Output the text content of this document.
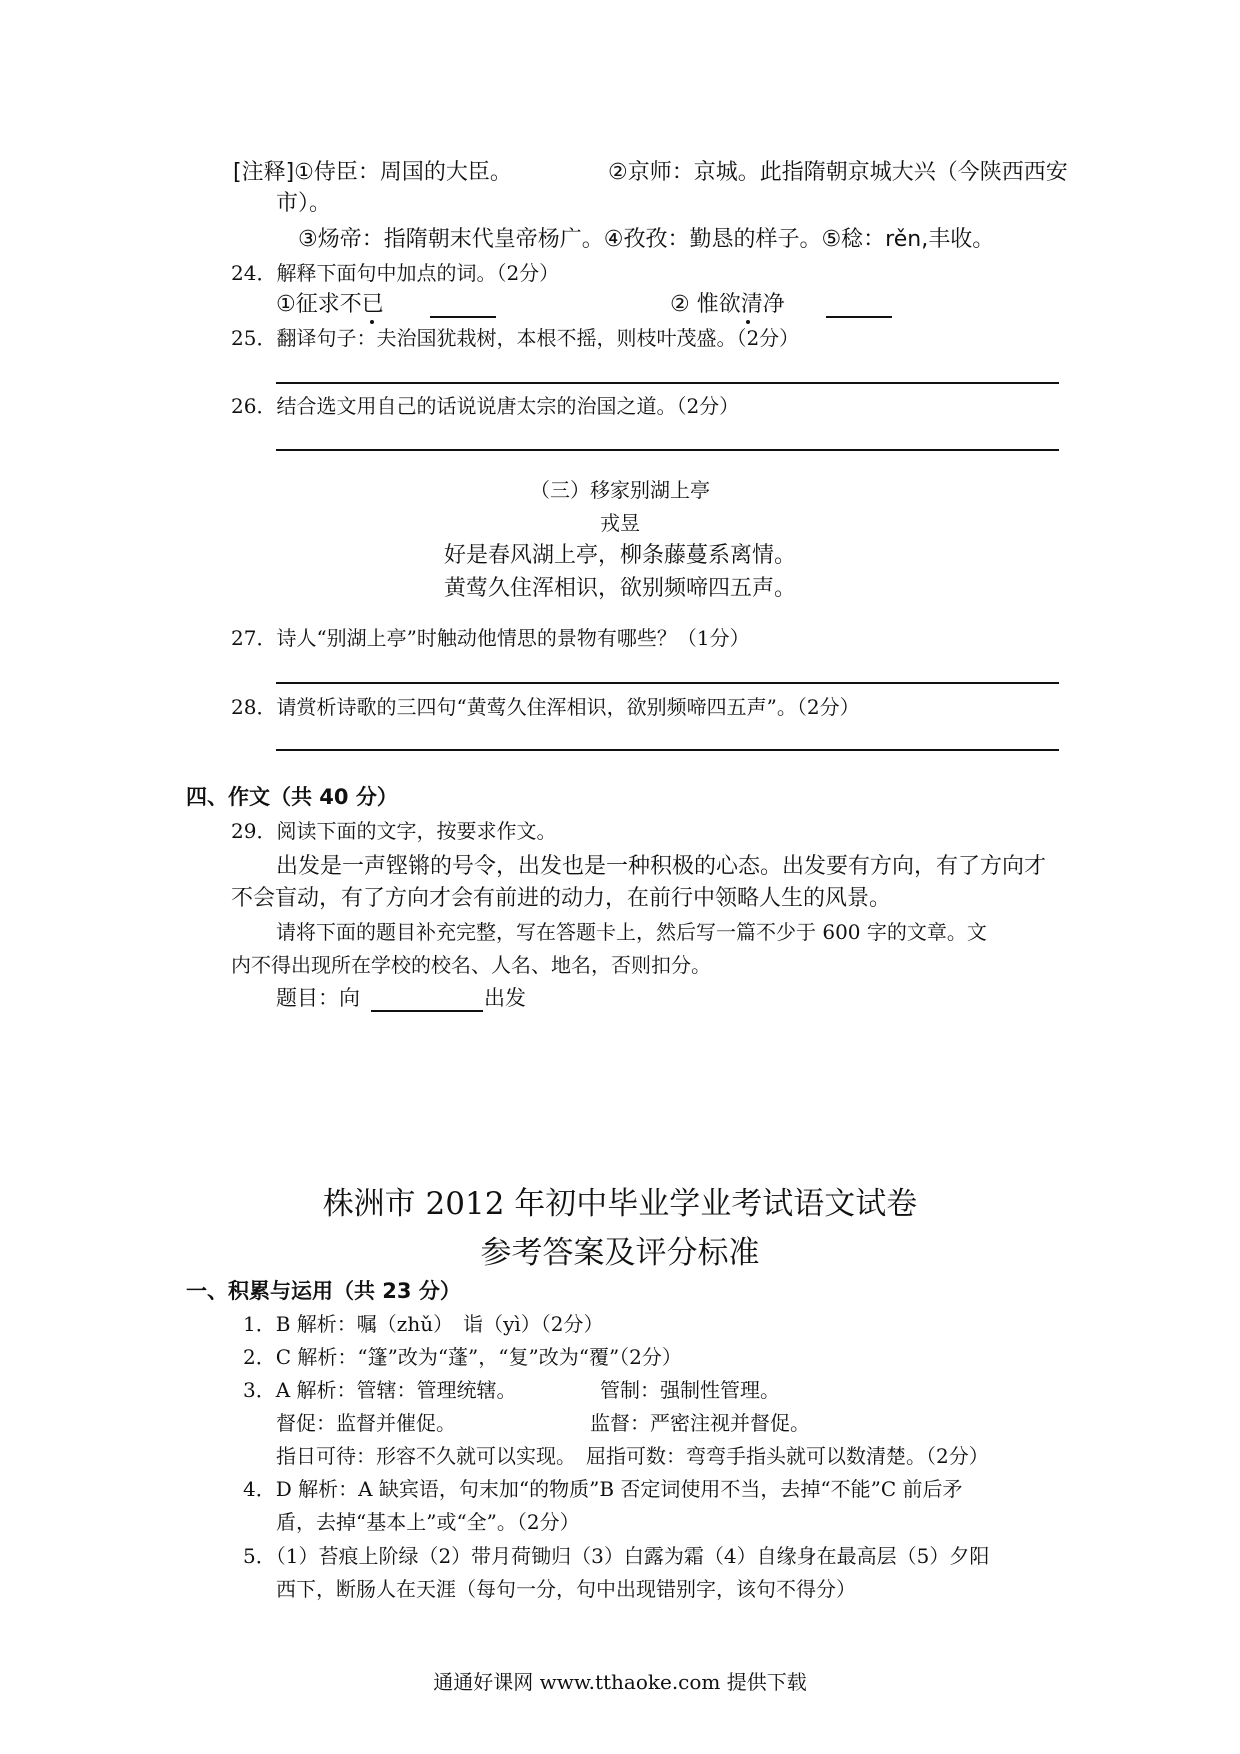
[注释]①侍臣：周国的大臣。	②京师：京城。此指隋朝京城大兴（今陕西西安
市）。
③炀帝：指隋朝末代皇帝杨广。④孜孜：勤恳的样子。⑤稔：rěn,丰收。
24．解释下面句中加点的词。（2分）
①征求不已	② 惟欲清净
25．翻译句子：夫治国犹栽树，本根不摇，则枝叶茂盛。（2分）
26．结合选文用自己的话说说唐太宗的治国之道。（2分）
（三）移家别湖上亭
戎昱
好是春风湖上亭，柳条藤蔓系离情。
黄莺久住浑相识，欲别频啼四五声。
27．诗人“别湖上亭”时触动他情思的景物有哪些？（1分）
28．请赏析诗歌的三四句“黄莺久住浑相识，欲别频啼四五声”。（2分）
四、作文（共 40 分）
29．阅读下面的文字，按要求作文。
出发是一声铿锵的号令，出发也是一种积极的心态。出发要有方向，有了方向才
不会盲动，有了方向才会有前进的动力，在前行中领略人生的风景。
请将下面的题目补充完整，写在答题卡上，然后写一篇不少于 600 字的文章。文
内不得出现所在学校的校名、人名、地名，否则扣分。
题目：向	出发
株洲市 2012 年初中毕业学业考试语文试卷
参考答案及评分标准
一、积累与运用（共 23 分）
1．B 解析：嘱（zhǔ）　诣（yì）（2分）
2．C 解析：“篷”改为“蓬”，“复”改为“覆”（2分）
3．A 解析：管辖：管理统辖。	管制：强制性管理。
督促：监督并催促。	监督：严密注视并督促。
指日可待：形容不久就可以实现。　屈指可数：弯弯手指头就可以数清楚。（2分）
4．D 解析：A 缺宾语，句末加“的物质”B 否定词使用不当，去掉“不能”C 前后矛
盾，去掉“基本上”或“全”。（2分）
5．（1）苔痕上阶绿（2）带月荷锄归（3）白露为霜（4）自缘身在最高层（5）夕阳
西下，断肠人在天涯（每句一分，句中出现错别字，该句不得分）
通通好课网 www.tthaoke.com 提供下载
